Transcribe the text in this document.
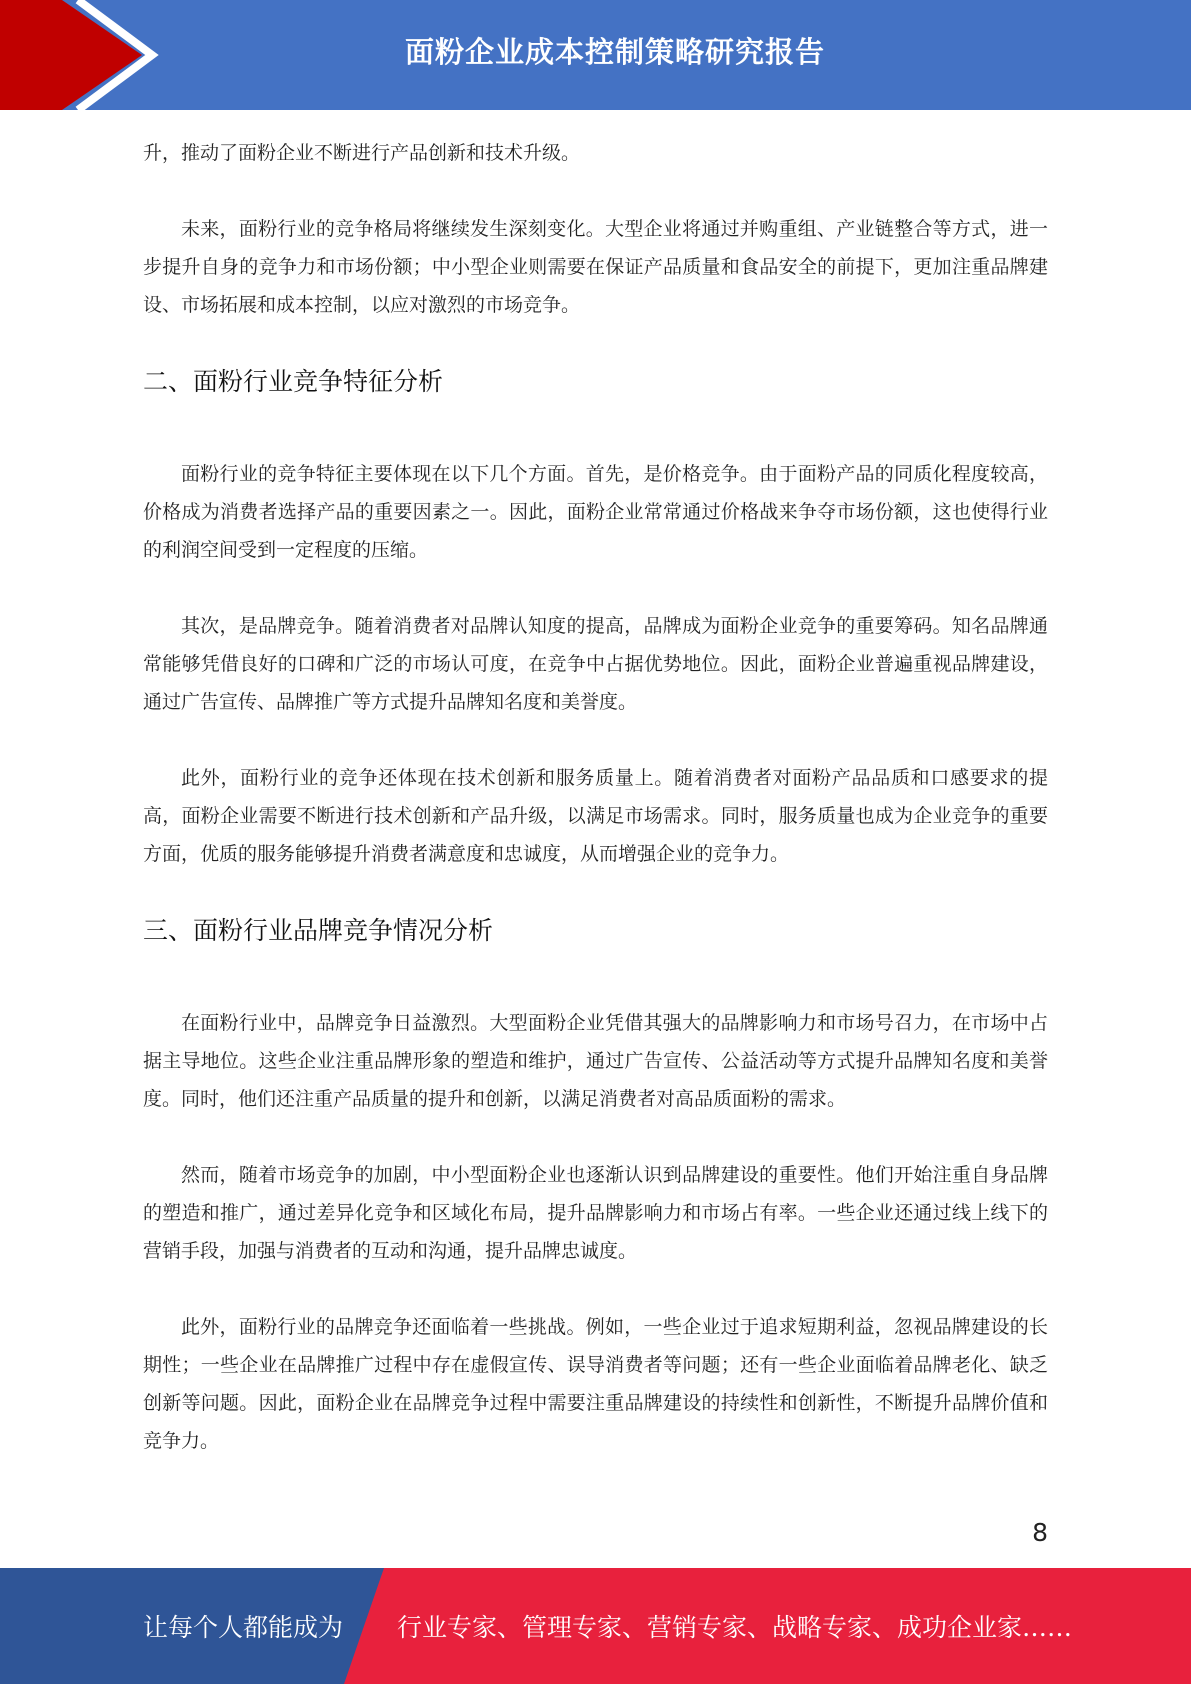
面粉企业成本控制策略研究报告

升，推动了面粉企业不断进行产品创新和技术升级。

未来，面粉行业的竞争格局将继续发生深刻变化。大型企业将通过并购重组、产业链整合等方式，进一步提升自身的竞争力和市场份额；中小型企业则需要在保证产品质量和食品安全的前提下，更加注重品牌建设、市场拓展和成本控制，以应对激烈的市场竞争。

二、面粉行业竞争特征分析

面粉行业的竞争特征主要体现在以下几个方面。首先，是价格竞争。由于面粉产品的同质化程度较高，价格成为消费者选择产品的重要因素之一。因此，面粉企业常常通过价格战来争夺市场份额，这也使得行业的利润空间受到一定程度的压缩。

其次，是品牌竞争。随着消费者对品牌认知度的提高，品牌成为面粉企业竞争的重要筹码。知名品牌通常能够凭借良好的口碑和广泛的市场认可度，在竞争中占据优势地位。因此，面粉企业普遍重视品牌建设，通过广告宣传、品牌推广等方式提升品牌知名度和美誉度。

此外，面粉行业的竞争还体现在技术创新和服务质量上。随着消费者对面粉产品品质和口感要求的提高，面粉企业需要不断进行技术创新和产品升级，以满足市场需求。同时，服务质量也成为企业竞争的重要方面，优质的服务能够提升消费者满意度和忠诚度，从而增强企业的竞争力。

三、面粉行业品牌竞争情况分析

在面粉行业中，品牌竞争日益激烈。大型面粉企业凭借其强大的品牌影响力和市场号召力，在市场中占据主导地位。这些企业注重品牌形象的塑造和维护，通过广告宣传、公益活动等方式提升品牌知名度和美誉度。同时，他们还注重产品质量的提升和创新，以满足消费者对高品质面粉的需求。

然而，随着市场竞争的加剧，中小型面粉企业也逐渐认识到品牌建设的重要性。他们开始注重自身品牌的塑造和推广，通过差异化竞争和区域化布局，提升品牌影响力和市场占有率。一些企业还通过线上线下的营销手段，加强与消费者的互动和沟通，提升品牌忠诚度。

此外，面粉行业的品牌竞争还面临着一些挑战。例如，一些企业过于追求短期利益，忽视品牌建设的长期性；一些企业在品牌推广过程中存在虚假宣传、误导消费者等问题；还有一些企业面临着品牌老化、缺乏创新等问题。因此，面粉企业在品牌竞争过程中需要注重品牌建设的持续性和创新性，不断提升品牌价值和竞争力。

8
让每个人都能成为 行业专家、管理专家、营销专家、战略专家、成功企业家……
